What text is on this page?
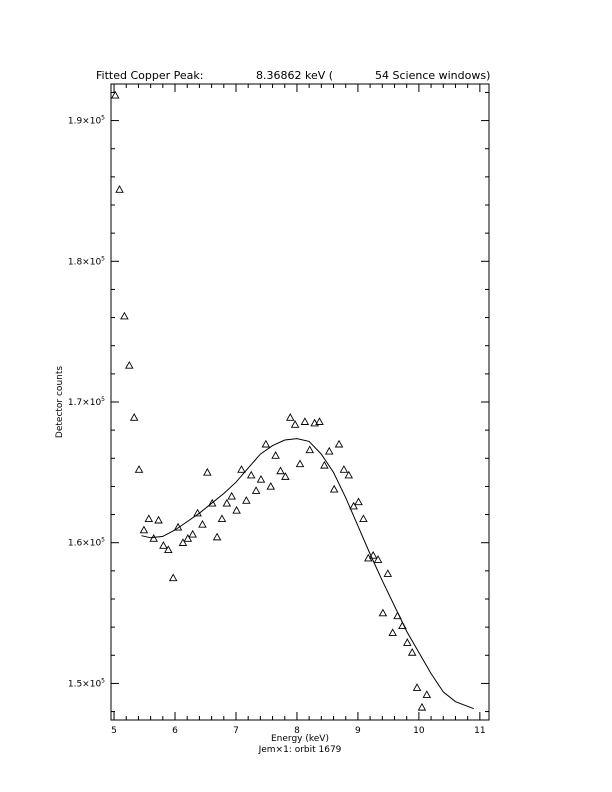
Fitted Copper Peak:	8.36862 keV (	54 Science windows)
5	6	7	8	9	10	11
$1.5\times 10^5$
$1.6\times 10^5$
$1.7\times 10^5$
$1.8\times 10^5$
$1.9\times 10^5$
Energy (keV)
Jem×1: orbit 1679
Detector counts
